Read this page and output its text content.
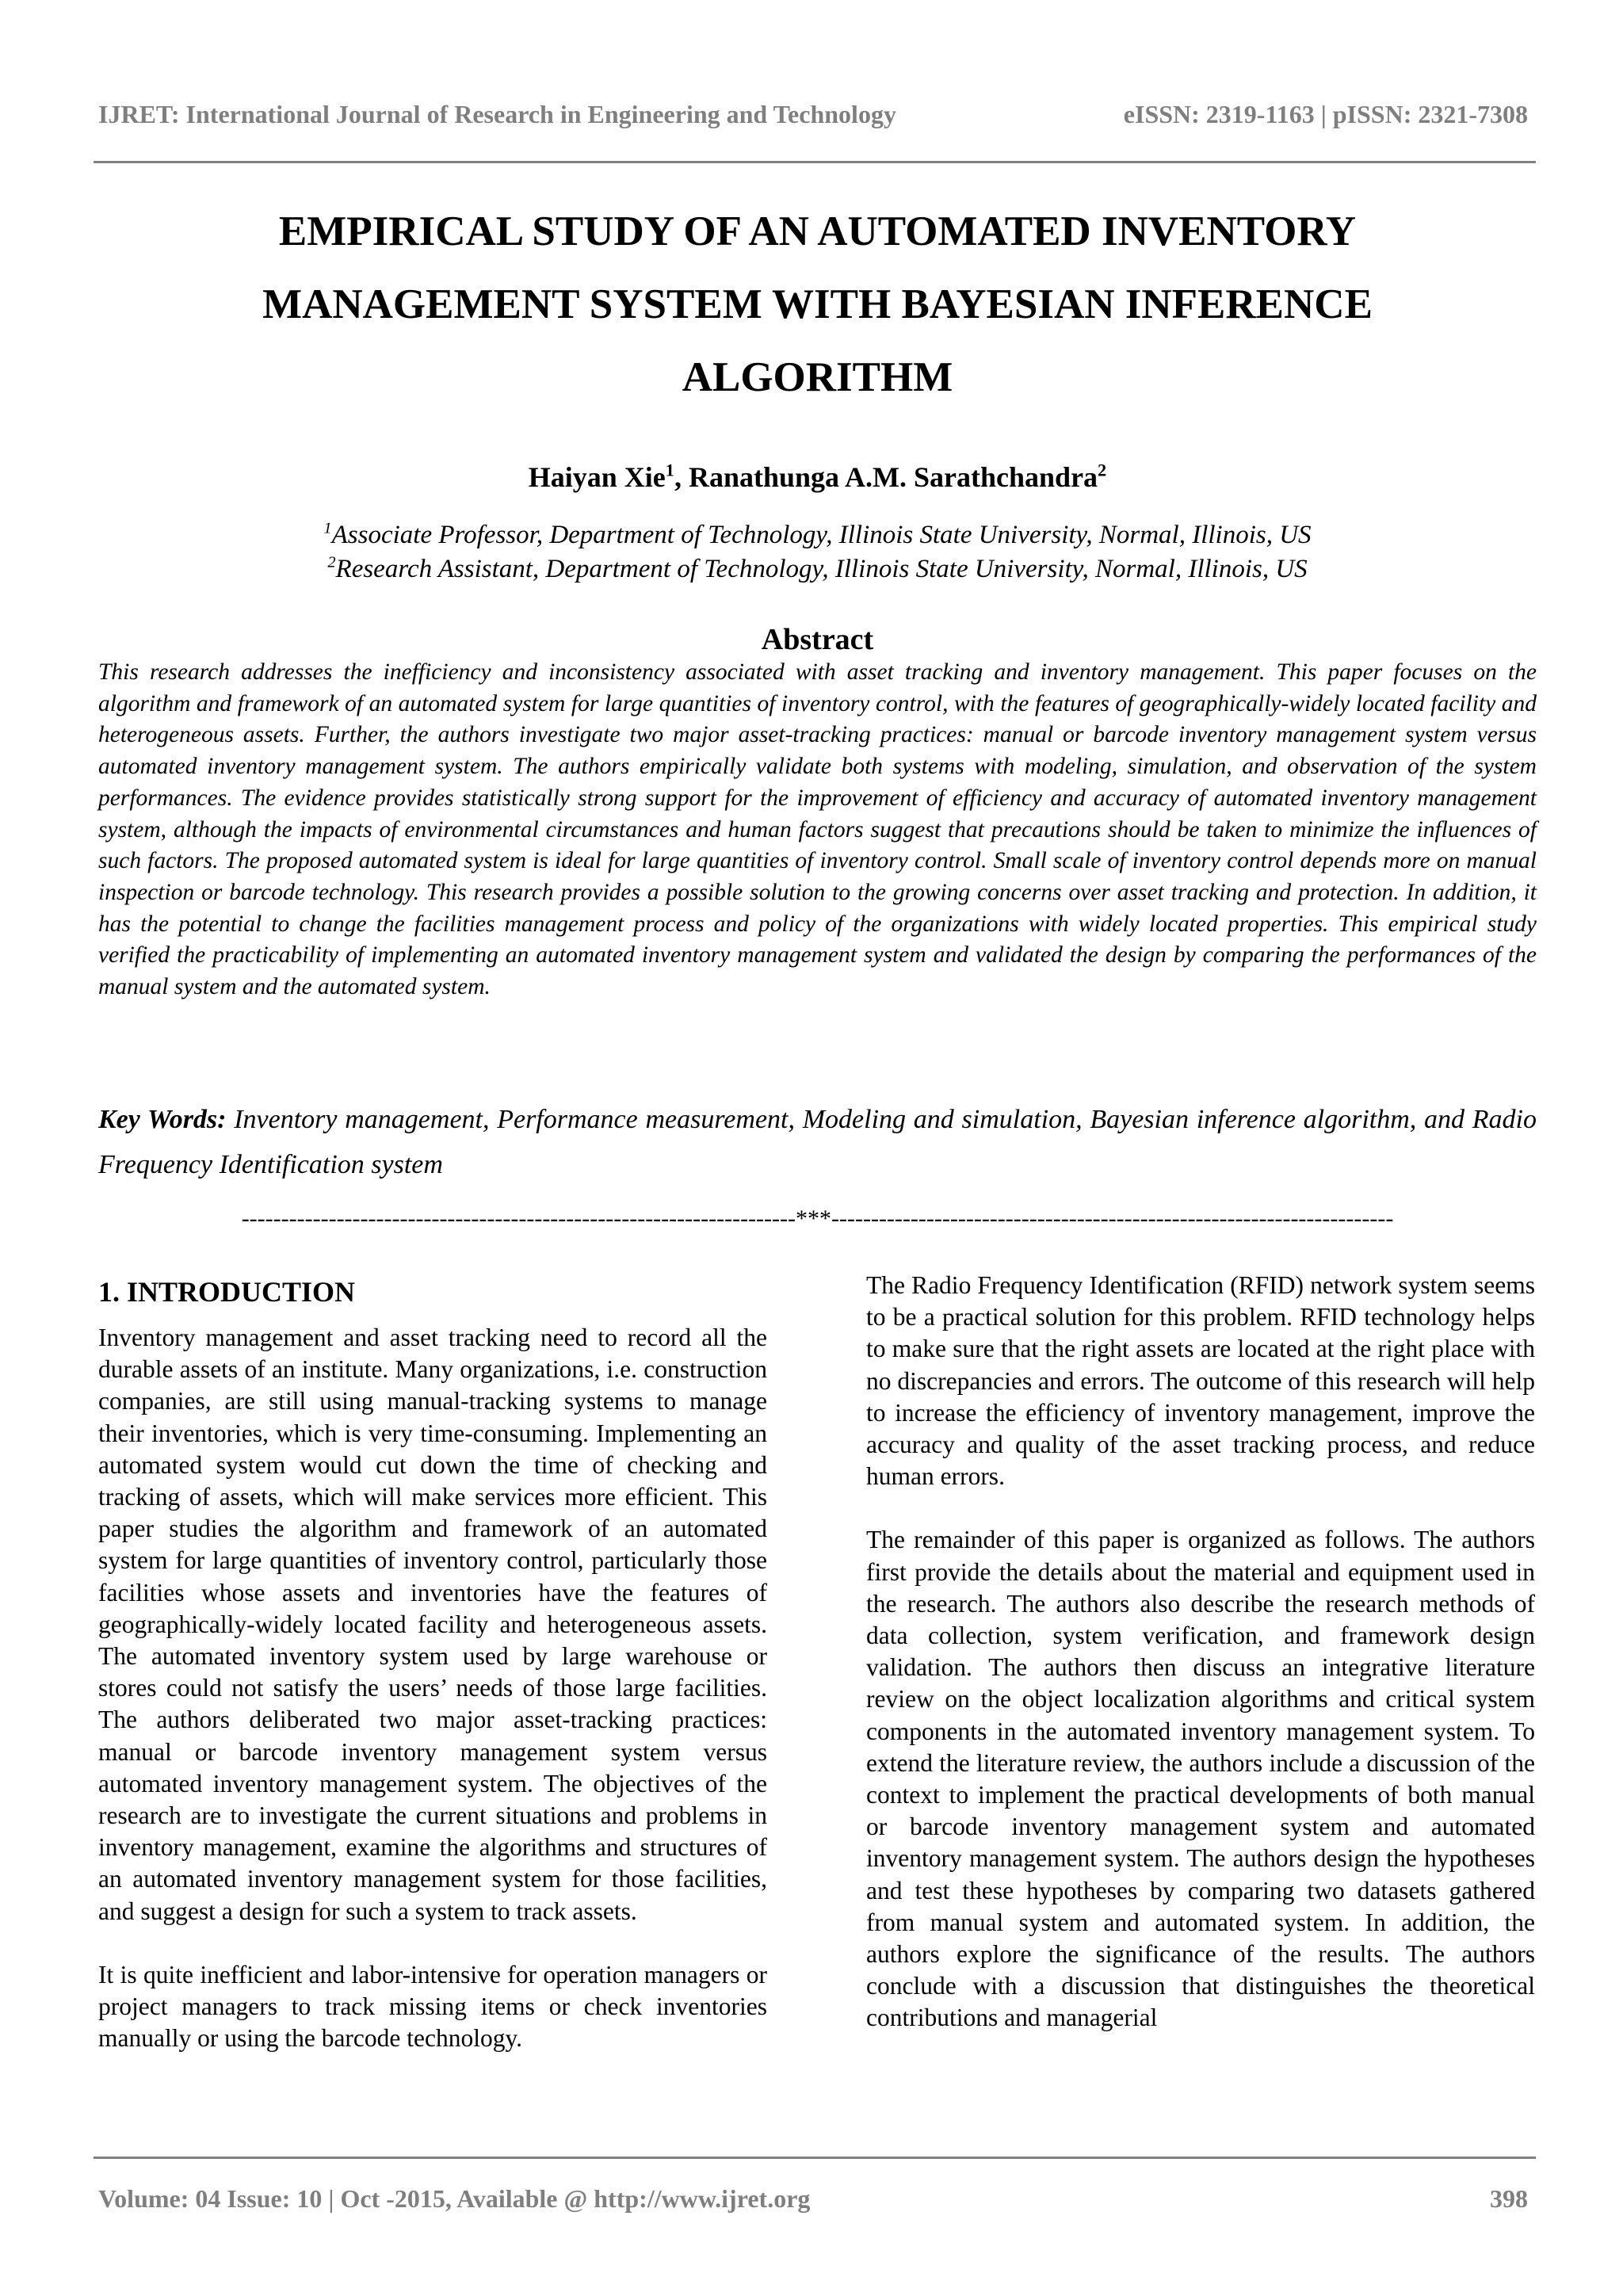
IJRET: International Journal of Research in Engineering and Technology	eISSN: 2319-1163 | pISSN: 2321-7308
EMPIRICAL STUDY OF AN AUTOMATED INVENTORY
MANAGEMENT SYSTEM WITH BAYESIAN INFERENCE
ALGORITHM
Haiyan Xie$^1$, Ranathunga A.M. Sarathchandra$^2$
$^1$Associate Professor, Department of Technology, Illinois State University, Normal, Illinois, US
$^2$Research Assistant, Department of Technology, Illinois State University, Normal, Illinois, US
Abstract

This research addresses the inefficiency and inconsistency associated with asset tracking and inventory management. This paper focuses on the algorithm and framework of an automated system for large quantities of inventory control, with the features of geographically-widely located facility and heterogeneous assets. Further, the authors investigate two major asset-tracking practices: manual or barcode inventory management system versus automated inventory management system. The authors empirically validate both systems with modeling, simulation, and observation of the system performances. The evidence provides statistically strong support for the improvement of efficiency and accuracy of automated inventory management system, although the impacts of environmental circumstances and human factors suggest that precautions should be taken to minimize the influences of such factors. The proposed automated system is ideal for large quantities of inventory control. Small scale of inventory control depends more on manual inspection or barcode technology. This research provides a possible solution to the growing concerns over asset tracking and protection. In addition, it has the potential to change the facilities management process and policy of the organizations with widely located properties. This empirical study verified the practicability of implementing an automated inventory management system and validated the design by comparing the performances of the manual system and the automated system.

Key Words: Inventory management, Performance measurement, Modeling and simulation, Bayesian inference algorithm, and Radio Frequency Identification system

----------------------------------------------------------------------***-----------------------------------------------------------------------
1. INTRODUCTION

Inventory management and asset tracking need to record all the durable assets of an institute. Many organizations, i.e. construction companies, are still using manual-tracking systems to manage their inventories, which is very time-consuming. Implementing an automated system would cut down the time of checking and tracking of assets, which will make services more efficient. This paper studies the algorithm and framework of an automated system for large quantities of inventory control, particularly those facilities whose assets and inventories have the features of geographically-widely located facility and heterogeneous assets. The automated inventory system used by large warehouse or stores could not satisfy the users’ needs of those large facilities. The authors deliberated two major asset-tracking practices: manual or barcode inventory management system versus automated inventory management system. The objectives of the research are to investigate the current situations and problems in inventory management, examine the algorithms and structures of an automated inventory management system for those facilities, and suggest a design for such a system to track assets.

It is quite inefficient and labor-intensive for operation managers or project managers to track missing items or check inventories manually or using the barcode technology.

The Radio Frequency Identification (RFID) network system seems to be a practical solution for this problem. RFID technology helps to make sure that the right assets are located at the right place with no discrepancies and errors. The outcome of this research will help to increase the efficiency of inventory management, improve the accuracy and quality of the asset tracking process, and reduce human errors.

The remainder of this paper is organized as follows. The authors first provide the details about the material and equipment used in the research. The authors also describe the research methods of data collection, system verification, and framework design validation. The authors then discuss an integrative literature review on the object localization algorithms and critical system components in the automated inventory management system. To extend the literature review, the authors include a discussion of the context to implement the practical developments of both manual or barcode inventory management system and automated inventory management system. The authors design the hypotheses and test these hypotheses by comparing two datasets gathered from manual system and automated system. In addition, the authors explore the significance of the results. The authors conclude with a discussion that distinguishes the theoretical contributions and managerial

Volume: 04 Issue: 10 | Oct -2015, Available @ http://www.ijret.org	398
